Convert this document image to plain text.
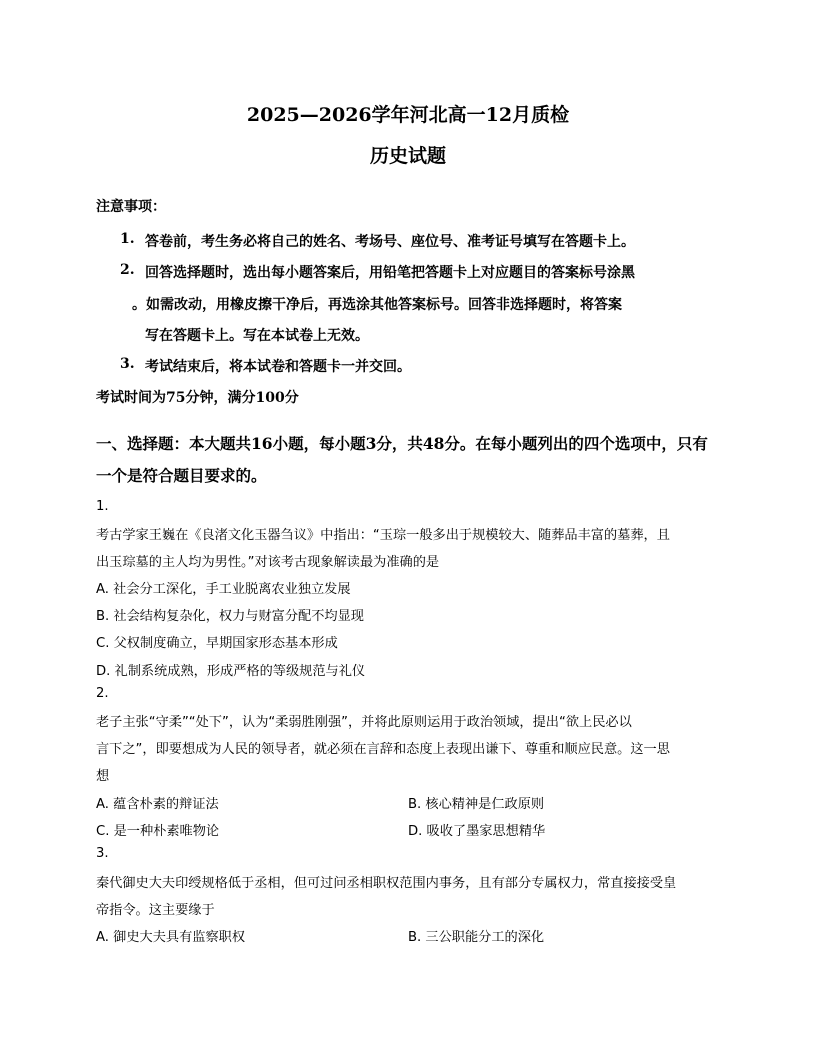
2025—2026学年河北高一12月质检
历史试题
注意事项：
1. 答卷前，考生务必将自己的姓名、考场号、座位号、准考证号填写在答题卡上。
2. 回答选择题时，选出每小题答案后，用铅笔把答题卡上对应题目的答案标号涂黑
。如需改动，用橡皮擦干净后，再选涂其他答案标号。回答非选择题时，将答案
写在答题卡上。写在本试卷上无效。
3. 考试结束后，将本试卷和答题卡一并交回。
考试时间为75分钟，满分100分
一、选择题：本大题共16小题，每小题3分，共48分。在每小题列出的四个选项中，只有
一个是符合题目要求的。
1.
考古学家王巍在《良渚文化玉器刍议》中指出：“玉琮一般多出于规模较大、随葬品丰富的墓葬，且
出玉琮墓的主人均为男性。”对该考古现象解读最为准确的是
A. 社会分工深化，手工业脱离农业独立发展
B. 社会结构复杂化，权力与财富分配不均显现
C. 父权制度确立，早期国家形态基本形成
D. 礼制系统成熟，形成严格的等级规范与礼仪
2.
老子主张“守柔”“处下”，认为“柔弱胜刚强”，并将此原则运用于政治领域，提出“欲上民必以
言下之”，即要想成为人民的领导者，就必须在言辞和态度上表现出谦下、尊重和顺应民意。这一思
想
A. 蕴含朴素的辩证法	B. 核心精神是仁政原则
C. 是一种朴素唯物论	D. 吸收了墨家思想精华
3.
秦代御史大夫印绶规格低于丞相，但可过问丞相职权范围内事务，且有部分专属权力，常直接接受皇
帝指令。这主要缘于
A. 御史大夫具有监察职权	B. 三公职能分工的深化
